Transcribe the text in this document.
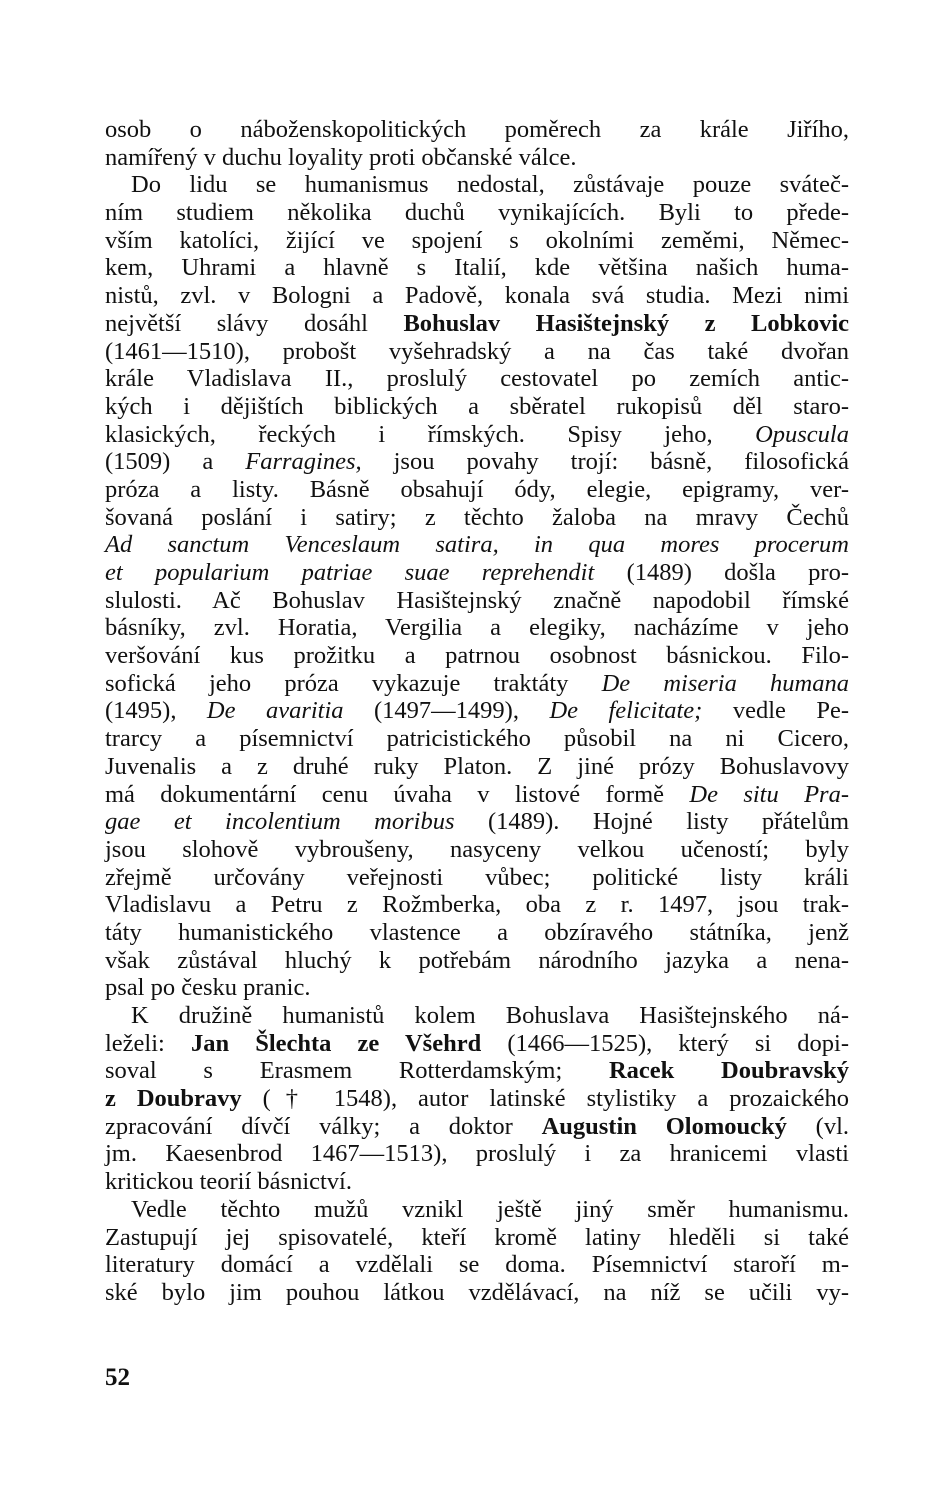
osob o náboženskopolitických poměrech za krále Jiřího,
namířený v duchu loyality proti občanské válce.
Do lidu se humanismus nedostal, zůstávaje pouze sváteč-
ním studiem několika duchů vynikajících. Byli to přede-
vším katolíci, žijící ve spojení s okolními zeměmi, Němec-
kem, Uhrami a hlavně s Italií, kde většina našich huma-
nistů, zvl. v Bologni a Padově, konala svá studia. Mezi nimi
největší slávy dosáhl Bohuslav Hasištejnský z Lobkovic
(1461—1510), probošt vyšehradský a na čas také dvořan
krále Vladislava II., proslulý cestovatel po zemích antic-
kých i dějištích biblických a sběratel rukopisů děl staro-
klasických, řeckých i římských. Spisy jeho, Opuscula
(1509) a Farragines, jsou povahy trojí: básně, filosofická
próza a listy. Básně obsahují ódy, elegie, epigramy, ver-
šovaná poslání i satiry; z těchto žaloba na mravy Čechů
Ad sanctum Venceslaum satira, in qua mores procerum
et popularium patriae suae reprehendit (1489) došla pro-
slulosti. Ač Bohuslav Hasištejnský značně napodobil římské
básníky, zvl. Horatia, Vergilia a elegiky, nacházíme v jeho
veršování kus prožitku a patrnou osobnost básnickou. Filo-
sofická jeho próza vykazuje traktáty De miseria humana
(1495), De avaritia (1497—1499), De felicitate; vedle Pe-
trarcy a písemnictví patricistického působil na ni Cicero,
Juvenalis a z druhé ruky Platon. Z jiné prózy Bohuslavovy
má dokumentární cenu úvaha v listové formě De situ Pra-
gae et incolentium moribus (1489). Hojné listy přátelům
jsou slohově vybroušeny, nasyceny velkou učeností; byly
zřejmě určovány veřejnosti vůbec; politické listy králi
Vladislavu a Petru z Rožmberka, oba z r. 1497, jsou trak-
táty humanistického vlastence a obzíravého státníka, jenž
však zůstával hluchý k potřebám národního jazyka a nena-
psal po česku pranic.
K družině humanistů kolem Bohuslava Hasištejnského ná-
leželi: Jan Šlechta ze Všehrd (1466—1525), který si dopi-
soval s Erasmem Rotterdamským; Racek Doubravský
z Doubravy († 1548), autor latinské stylistiky a prozaického
zpracování dívčí války; a doktor Augustin Olomoucký (vl.
jm. Kaesenbrod 1467—1513), proslulý i za hranicemi vlasti
kritickou teorií básnictví.
Vedle těchto mužů vznikl ještě jiný směr humanismu.
Zastupují jej spisovatelé, kteří kromě latiny hleděli si také
literatury domácí a vzdělali se doma. Písemnictví staroří m-
ské bylo jim pouhou látkou vzdělávací, na níž se učili vy-
52
